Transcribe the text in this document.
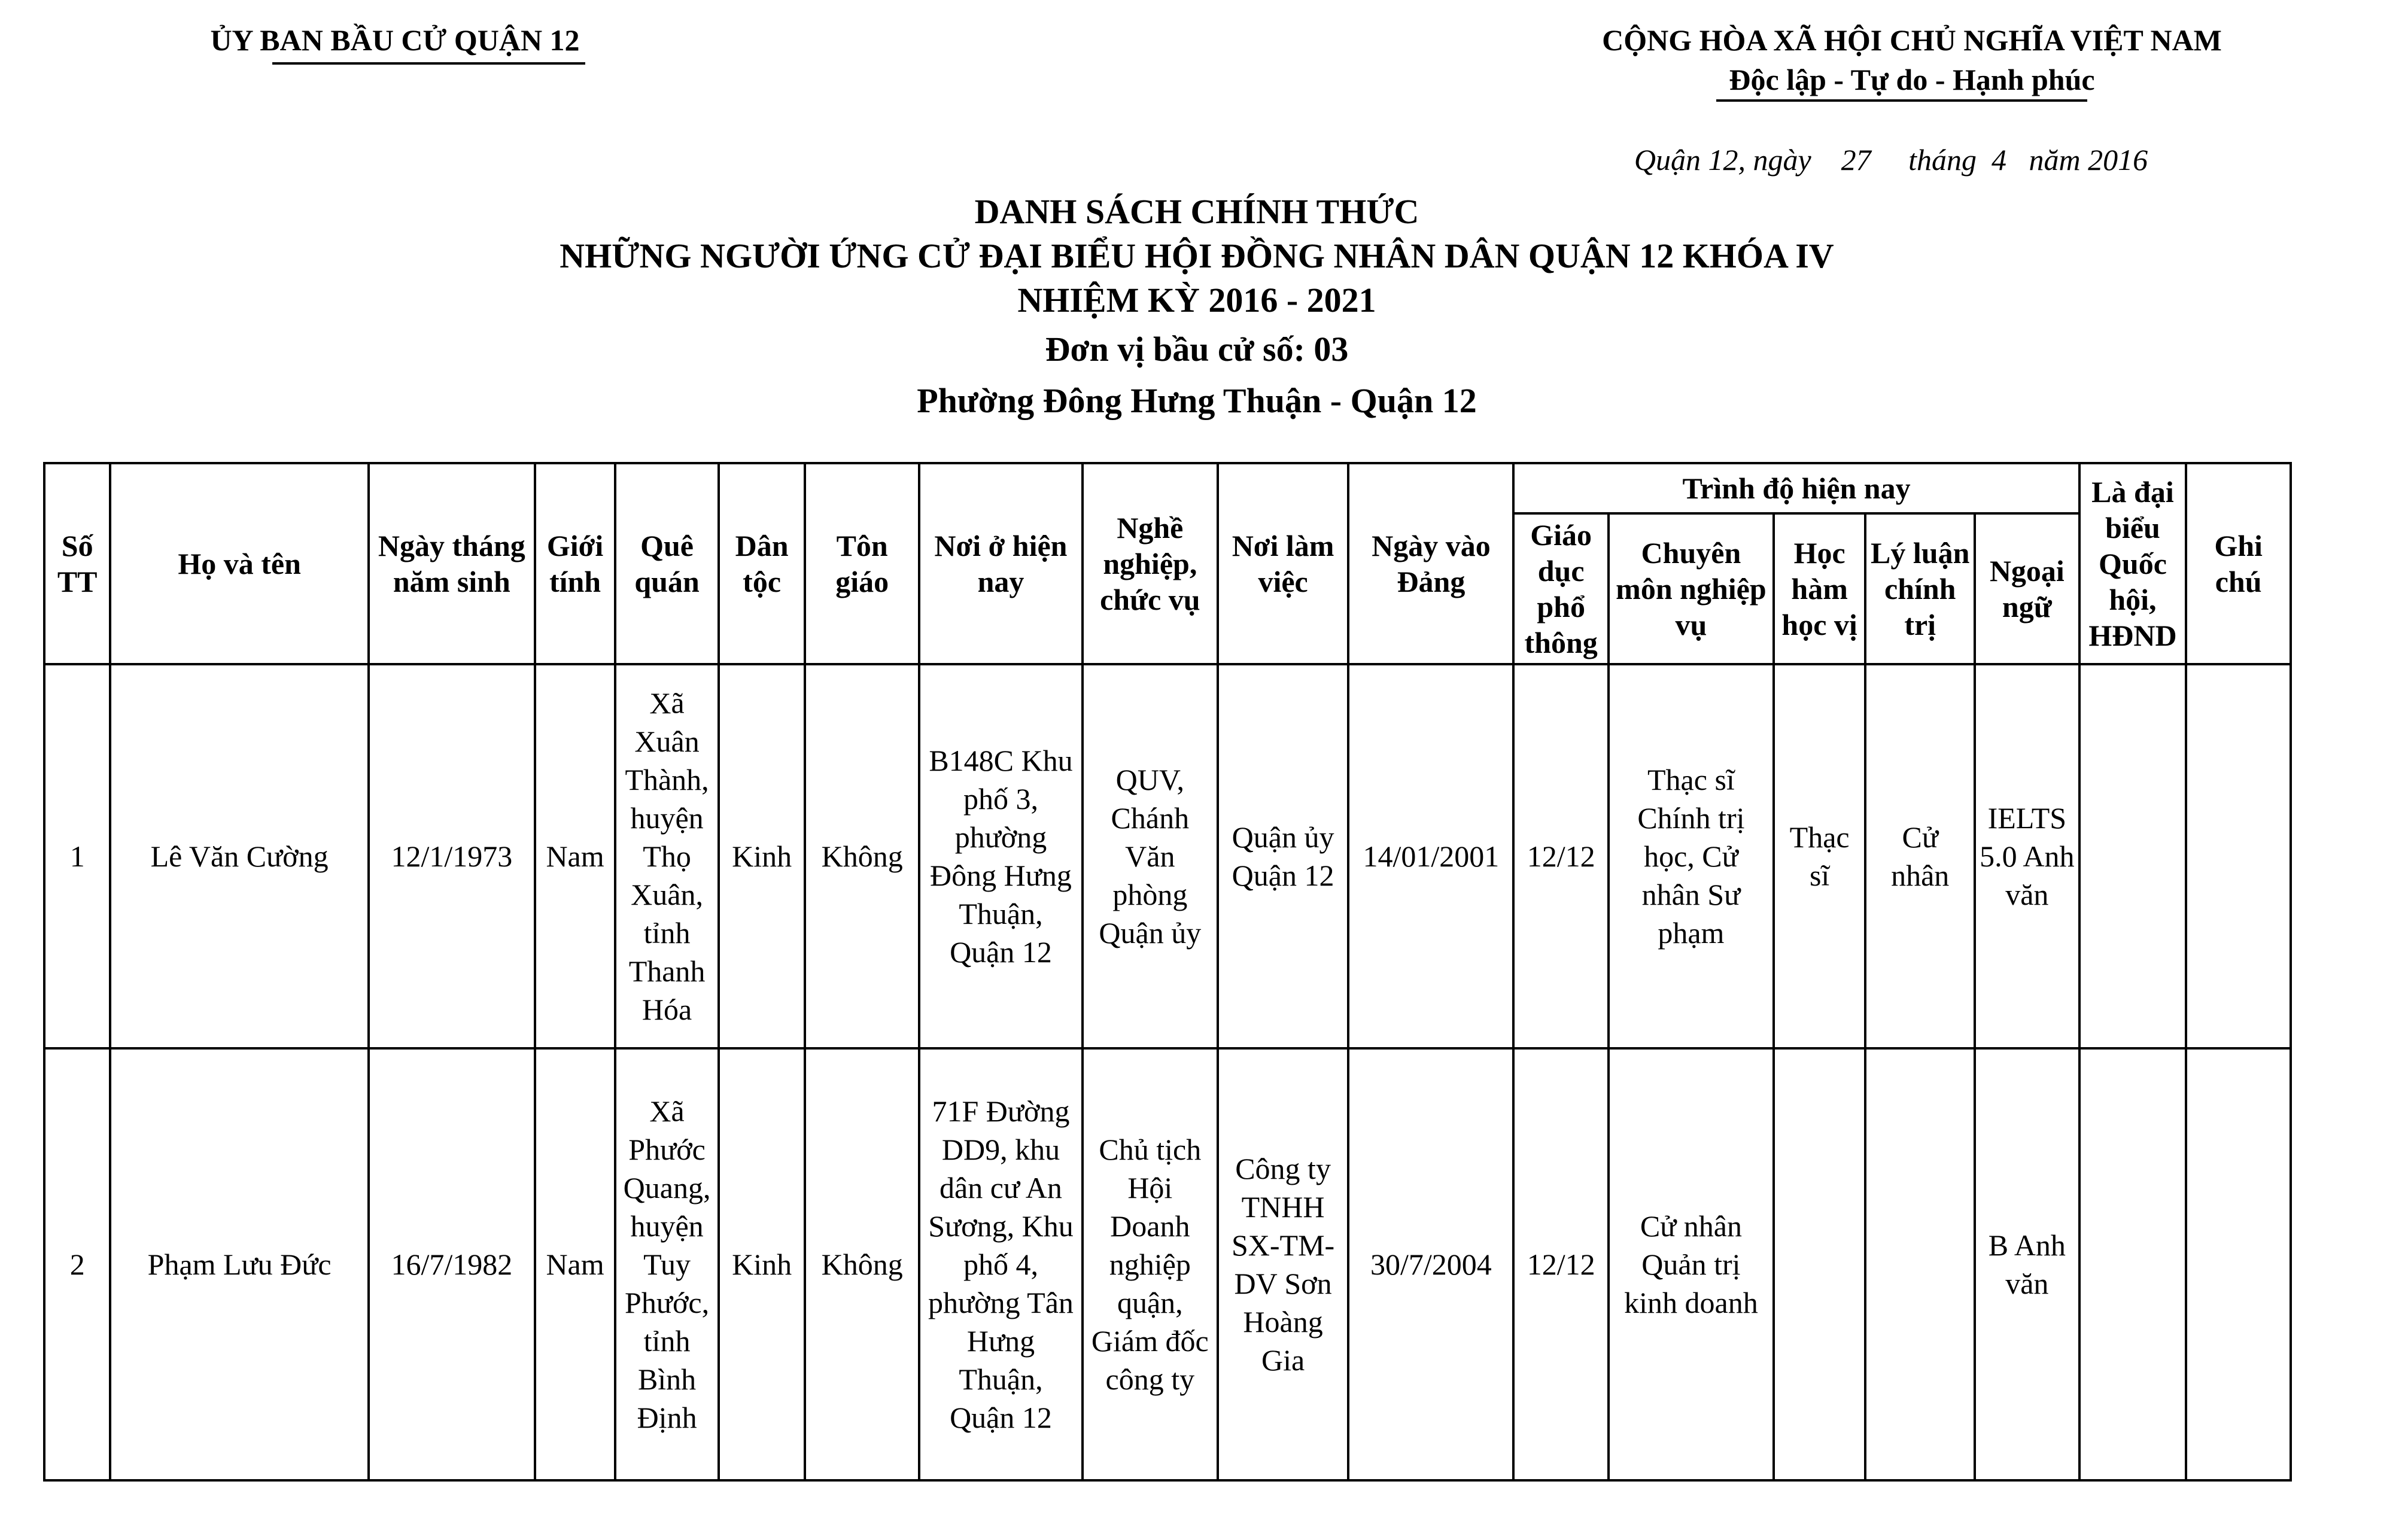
ỦY BAN BẦU CỬ QUẬN 12	CỘNG HÒA XÃ HỘI CHỦ NGHĨA VIỆT NAM
Độc lập - Tự do - Hạnh phúc
Quận 12, ngày    27     tháng  4   năm 2016
DANH SÁCH CHÍNH THỨC
NHỮNG NGƯỜI ỨNG CỬ ĐẠI BIỂU HỘI ĐỒNG NHÂN DÂN QUẬN 12 KHÓA IV
NHIỆM KỲ 2016 - 2021
Đơn vị bầu cử số: 03
Phường Đông Hưng Thuận - Quận 12
Số TT	Họ và tên	Ngày tháng năm sinh	Giới tính	Quê quán	Dân tộc	Tôn giáo	Nơi ở hiện nay	Nghề nghiệp, chức vụ	Nơi làm việc	Ngày vào Đảng	Trình độ hiện nay					Là đại biểu Quốc hội, HĐND	Ghi chú
											Giáo dục phổ thông	Chuyên môn nghiệp vụ	Học hàm học vị	Lý luận chính trị	Ngoại ngữ		
1	Lê Văn Cường	12/1/1973	Nam	Xã Xuân Thành, huyện Thọ Xuân, tỉnh Thanh Hóa	Kinh	Không	B148C Khu phố 3, phường Đông Hưng Thuận, Quận 12	QUV, Chánh Văn phòng Quận ủy	Quận ủy Quận 12	14/01/2001	12/12	Thạc sĩ Chính trị học, Cử nhân Sư phạm	Thạc sĩ	Cử nhân	IELTS 5.0 Anh văn		
2	Phạm Lưu Đức	16/7/1982	Nam	Xã Phước Quang, huyện Tuy Phước, tỉnh Bình Định	Kinh	Không	71F Đường DD9, khu dân cư An Sương, Khu phố 4, phường Tân Hưng Thuận, Quận 12	Chủ tịch Hội Doanh nghiệp quận, Giám đốc công ty	Công ty TNHH SX-TM-DV Sơn Hoàng Gia	30/7/2004	12/12	Cử nhân Quản trị kinh doanh			B Anh văn		
